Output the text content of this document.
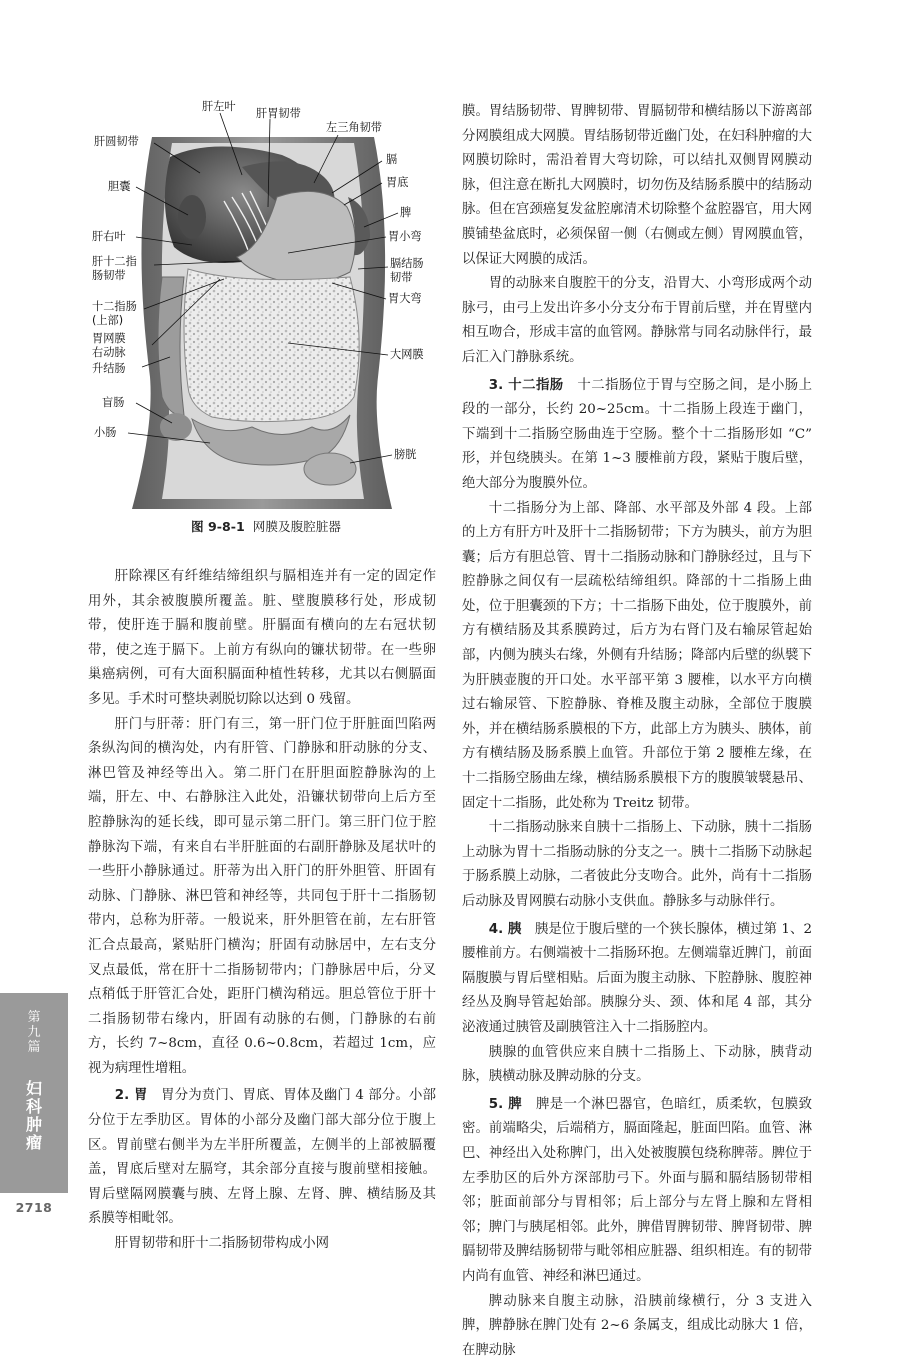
肝左叶
肝胃韧带
左三角韧带
肝圆韧带
膈
胃底
胆囊
脾
肝右叶	胃小弯
肝十二指
肠韧带
膈结肠
韧带
胃大弯
十二指肠
(上部)
胃网膜
右动脉	大网膜
升结肠
盲肠
小肠
膀胱
图 9-8-1 网膜及腹腔脏器

肝除裸区有纤维结缔组织与膈相连并有一定的固定作用外，其余被腹膜所覆盖。脏、壁腹膜移行处，形成韧带，使肝连于膈和腹前壁。肝膈面有横向的左右冠状韧带，使之连于膈下。上前方有纵向的镰状韧带。在一些卵巢癌病例，可有大面积膈面种植性转移，尤其以右侧膈面多见。手术时可整块剥脱切除以达到 0 残留。

肝门与肝蒂：肝门有三，第一肝门位于肝脏面凹陷两条纵沟间的横沟处，内有肝管、门静脉和肝动脉的分支、淋巴管及神经等出入。第二肝门在肝胆面腔静脉沟的上端，肝左、中、右静脉注入此处，沿镰状韧带向上后方至腔静脉沟的延长线，即可显示第二肝门。第三肝门位于腔静脉沟下端，有来自右半肝脏面的右副肝静脉及尾状叶的一些肝小静脉通过。肝蒂为出入肝门的肝外胆管、肝固有动脉、门静脉、淋巴管和神经等，共同包于肝十二指肠韧带内，总称为肝蒂。一般说来，肝外胆管在前，左右肝管汇合点最高，紧贴肝门横沟；肝固有动脉居中，左右支分叉点最低，常在肝十二指肠韧带内；门静脉居中后，分叉点稍低于肝管汇合处，距肝门横沟稍远。胆总管位于肝十二指肠韧带右缘内，肝固有动脉的右侧，门静脉的右前方，长约 7~8cm，直径 0.6~0.8cm，若超过 1cm，应视为病理性增粗。

2. 胃　 胃分为贲门、胃底、胃体及幽门 4 部分。小部分位于左季肋区。胃体的小部分及幽门部大部分位于腹上区。胃前壁右侧半为左半肝所覆盖，左侧半的上部被膈覆盖，胃底后壁对左膈穹，其余部分直接与腹前壁相接触。胃后壁隔网膜囊与胰、左肾上腺、左肾、脾、横结肠及其系膜等相毗邻。

肝胃韧带和肝十二指肠韧带构成小网

膜。胃结肠韧带、胃脾韧带、胃膈韧带和横结肠以下游离部分网膜组成大网膜。胃结肠韧带近幽门处，在妇科肿瘤的大网膜切除时，需沿着胃大弯切除，可以结扎双侧胃网膜动脉，但注意在断扎大网膜时，切勿伤及结肠系膜中的结肠动脉。但在宫颈癌复发盆腔廓清术切除整个盆腔器官，用大网膜铺垫盆底时，必须保留一侧（右侧或左侧）胃网膜血管，以保证大网膜的成活。

胃的动脉来自腹腔干的分支，沿胃大、小弯形成两个动脉弓，由弓上发出许多小分支分布于胃前后壁，并在胃壁内相互吻合，形成丰富的血管网。静脉常与同名动脉伴行，最后汇入门静脉系统。

3. 十二指肠　 十二指肠位于胃与空肠之间，是小肠上段的一部分，长约 20~25cm。十二指肠上段连于幽门，下端到十二指肠空肠曲连于空肠。整个十二指肠形如 “C” 形，并包绕胰头。在第 1~3 腰椎前方段，紧贴于腹后壁，绝大部分为腹膜外位。

十二指肠分为上部、降部、水平部及外部 4 段。上部的上方有肝方叶及肝十二指肠韧带；下方为胰头，前方为胆囊；后方有胆总管、胃十二指肠动脉和门静脉经过，且与下腔静脉之间仅有一层疏松结缔组织。降部的十二指肠上曲处，位于胆囊颈的下方；十二指肠下曲处，位于腹膜外，前方有横结肠及其系膜跨过，后方为右肾门及右输尿管起始部，内侧为胰头右缘，外侧有升结肠；降部内后壁的纵襞下为肝胰壶腹的开口处。水平部平第 3 腰椎，以水平方向横过右输尿管、下腔静脉、脊椎及腹主动脉，全部位于腹膜外，并在横结肠系膜根的下方，此部上方为胰头、胰体，前方有横结肠及肠系膜上血管。升部位于第 2 腰椎左缘，在十二指肠空肠曲左缘，横结肠系膜根下方的腹膜皱襞悬吊、固定十二指肠，此处称为 Treitz 韧带。

十二指肠动脉来自胰十二指肠上、下动脉，胰十二指肠上动脉为胃十二指肠动脉的分支之一。胰十二指肠下动脉起于肠系膜上动脉，二者彼此分支吻合。此外，尚有十二指肠后动脉及胃网膜右动脉小支供血。静脉多与动脉伴行。

4. 胰　 胰是位于腹后壁的一个狭长腺体，横过第 1、2 腰椎前方。右侧端被十二指肠环抱。左侧端靠近脾门，前面隔腹膜与胃后壁相贴。后面为腹主动脉、下腔静脉、腹腔神经丛及胸导管起始部。胰腺分头、颈、体和尾 4 部，其分泌液通过胰管及副胰管注入十二指肠腔内。

胰腺的血管供应来自胰十二指肠上、下动脉，胰背动脉，胰横动脉及脾动脉的分支。

5. 脾　 脾是一个淋巴器官，色暗红，质柔软，包膜致密。前端略尖，后端稍方，膈面隆起，脏面凹陷。血管、淋巴、神经出入处称脾门，出入处被腹膜包绕称脾蒂。脾位于左季肋区的后外方深部肋弓下。外面与膈和膈结肠韧带相邻；脏面前部分与胃相邻；后上部分与左肾上腺和左肾相邻；脾门与胰尾相邻。此外，脾借胃脾韧带、脾肾韧带、脾膈韧带及脾结肠韧带与毗邻相应脏器、组织相连。有的韧带内尚有血管、神经和淋巴通过。

脾动脉来自腹主动脉，沿胰前缘横行，分 3 支进入脾，脾静脉在脾门处有 2~6 条属支，组成比动脉大 1 倍，在脾动脉

第九篇
妇科肿瘤
2718
